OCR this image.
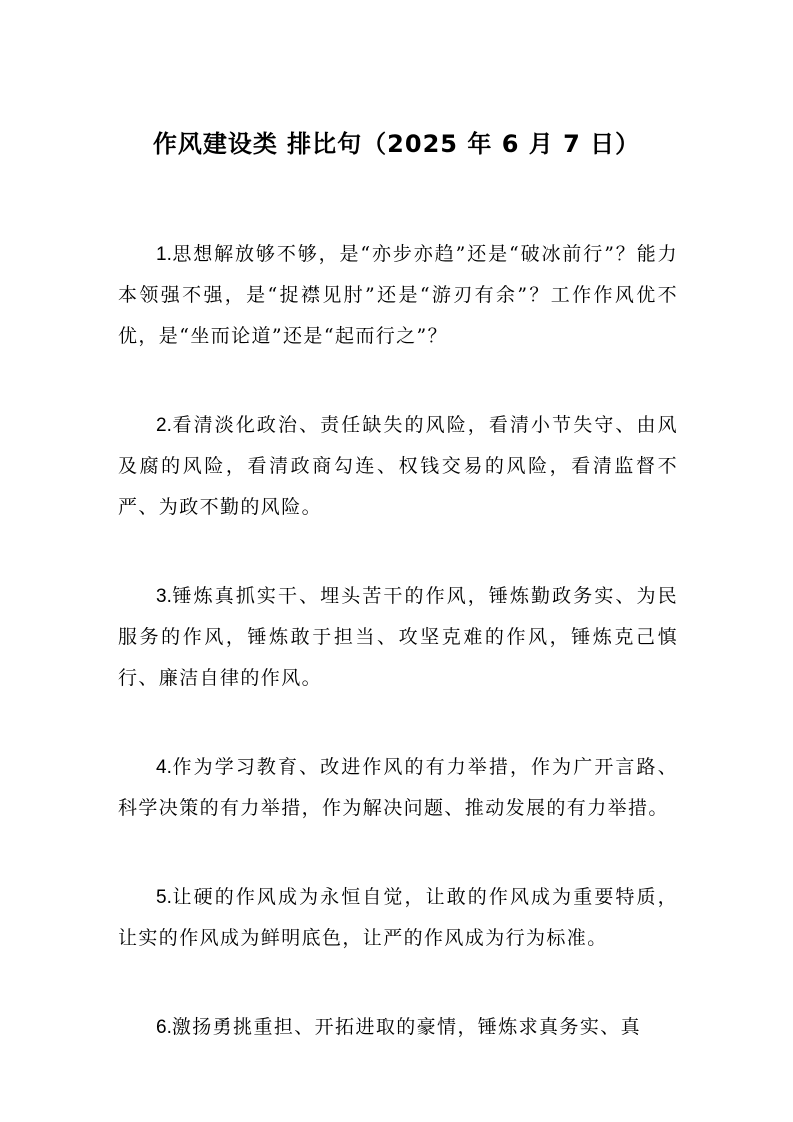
作风建设类 排比句（2025 年 6 月 7 日）

1.思想解放够不够，是“亦步亦趋”还是“破冰前行”？能力本领强不强，是“捉襟见肘”还是“游刃有余”？工作作风优不优，是“坐而论道”还是“起而行之”？

2.看清淡化政治、责任缺失的风险，看清小节失守、由风及腐的风险，看清政商勾连、权钱交易的风险，看清监督不严、为政不勤的风险。

3.锤炼真抓实干、埋头苦干的作风，锤炼勤政务实、为民服务的作风，锤炼敢于担当、攻坚克难的作风，锤炼克己慎行、廉洁自律的作风。

4.作为学习教育、改进作风的有力举措，作为广开言路、科学决策的有力举措，作为解决问题、推动发展的有力举措。

5.让硬的作风成为永恒自觉，让敢的作风成为重要特质，让实的作风成为鲜明底色，让严的作风成为行为标准。

6.激扬勇挑重担、开拓进取的豪情，锤炼求真务实、真
